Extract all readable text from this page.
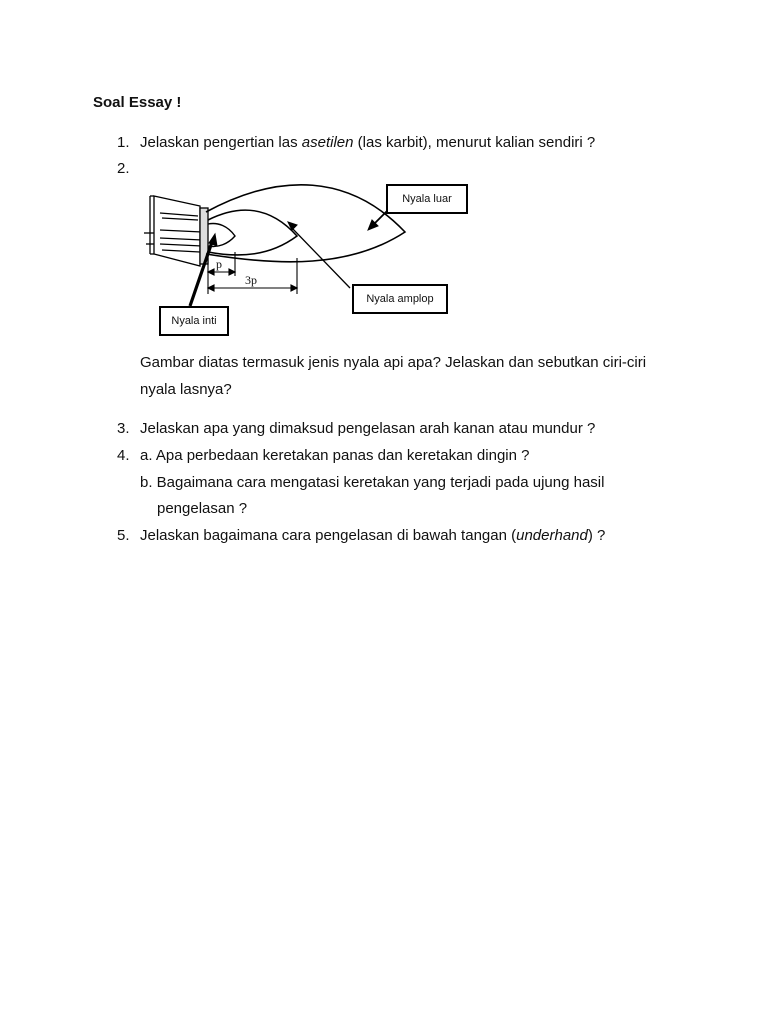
Soal Essay !
1. Jelaskan pengertian las asetilen (las karbit), menurut kalian sendiri ?
2.
Nyala luar
Nyala amplop
Nyala inti
p
3p
Gambar diatas termasuk jenis nyala api apa? Jelaskan dan sebutkan ciri-ciri
nyala lasnya?
3. Jelaskan apa yang dimaksud pengelasan arah kanan atau mundur ?
4. a. Apa perbedaan keretakan panas dan keretakan dingin ?
b. Bagaimana cara mengatasi keretakan yang terjadi pada ujung hasil
pengelasan ?
5. Jelaskan bagaimana cara pengelasan di bawah tangan (underhand) ?
